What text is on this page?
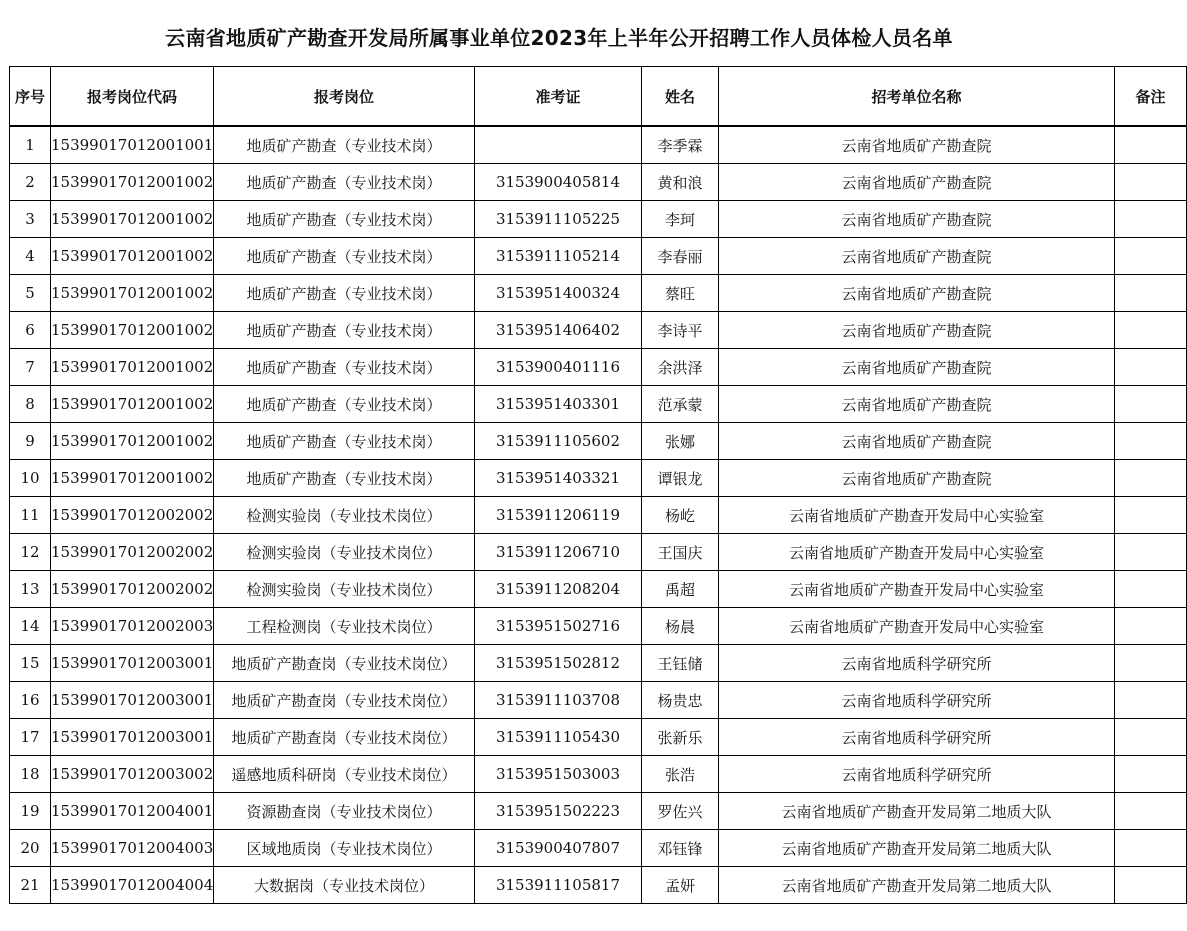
云南省地质矿产勘查开发局所属事业单位2023年上半年公开招聘工作人员体检人员名单
序号	报考岗位代码	报考岗位	准考证	姓名	招考单位名称	备注
1	15399017012001001	地质矿产勘查（专业技术岗）		李季霖	云南省地质矿产勘查院	
2	15399017012001002	地质矿产勘查（专业技术岗）	3153900405814	黄和浪	云南省地质矿产勘查院	
3	15399017012001002	地质矿产勘查（专业技术岗）	3153911105225	李珂	云南省地质矿产勘查院	
4	15399017012001002	地质矿产勘查（专业技术岗）	3153911105214	李春丽	云南省地质矿产勘查院	
5	15399017012001002	地质矿产勘查（专业技术岗）	3153951400324	蔡旺	云南省地质矿产勘查院	
6	15399017012001002	地质矿产勘查（专业技术岗）	3153951406402	李诗平	云南省地质矿产勘查院	
7	15399017012001002	地质矿产勘查（专业技术岗）	3153900401116	余洪泽	云南省地质矿产勘查院	
8	15399017012001002	地质矿产勘查（专业技术岗）	3153951403301	范承蒙	云南省地质矿产勘查院	
9	15399017012001002	地质矿产勘查（专业技术岗）	3153911105602	张娜	云南省地质矿产勘查院	
10	15399017012001002	地质矿产勘查（专业技术岗）	3153951403321	谭银龙	云南省地质矿产勘查院	
11	15399017012002002	检测实验岗（专业技术岗位）	3153911206119	杨屹	云南省地质矿产勘查开发局中心实验室	
12	15399017012002002	检测实验岗（专业技术岗位）	3153911206710	王国庆	云南省地质矿产勘查开发局中心实验室	
13	15399017012002002	检测实验岗（专业技术岗位）	3153911208204	禹超	云南省地质矿产勘查开发局中心实验室	
14	15399017012002003	工程检测岗（专业技术岗位）	3153951502716	杨晨	云南省地质矿产勘查开发局中心实验室	
15	15399017012003001	地质矿产勘查岗（专业技术岗位）	3153951502812	王钰储	云南省地质科学研究所	
16	15399017012003001	地质矿产勘查岗（专业技术岗位）	3153911103708	杨贵忠	云南省地质科学研究所	
17	15399017012003001	地质矿产勘查岗（专业技术岗位）	3153911105430	张新乐	云南省地质科学研究所	
18	15399017012003002	遥感地质科研岗（专业技术岗位）	3153951503003	张浩	云南省地质科学研究所	
19	15399017012004001	资源勘查岗（专业技术岗位）	3153951502223	罗佐兴	云南省地质矿产勘查开发局第二地质大队	
20	15399017012004003	区域地质岗（专业技术岗位）	3153900407807	邓钰锋	云南省地质矿产勘查开发局第二地质大队	
21	15399017012004004	大数据岗（专业技术岗位）	3153911105817	孟妍	云南省地质矿产勘查开发局第二地质大队	
